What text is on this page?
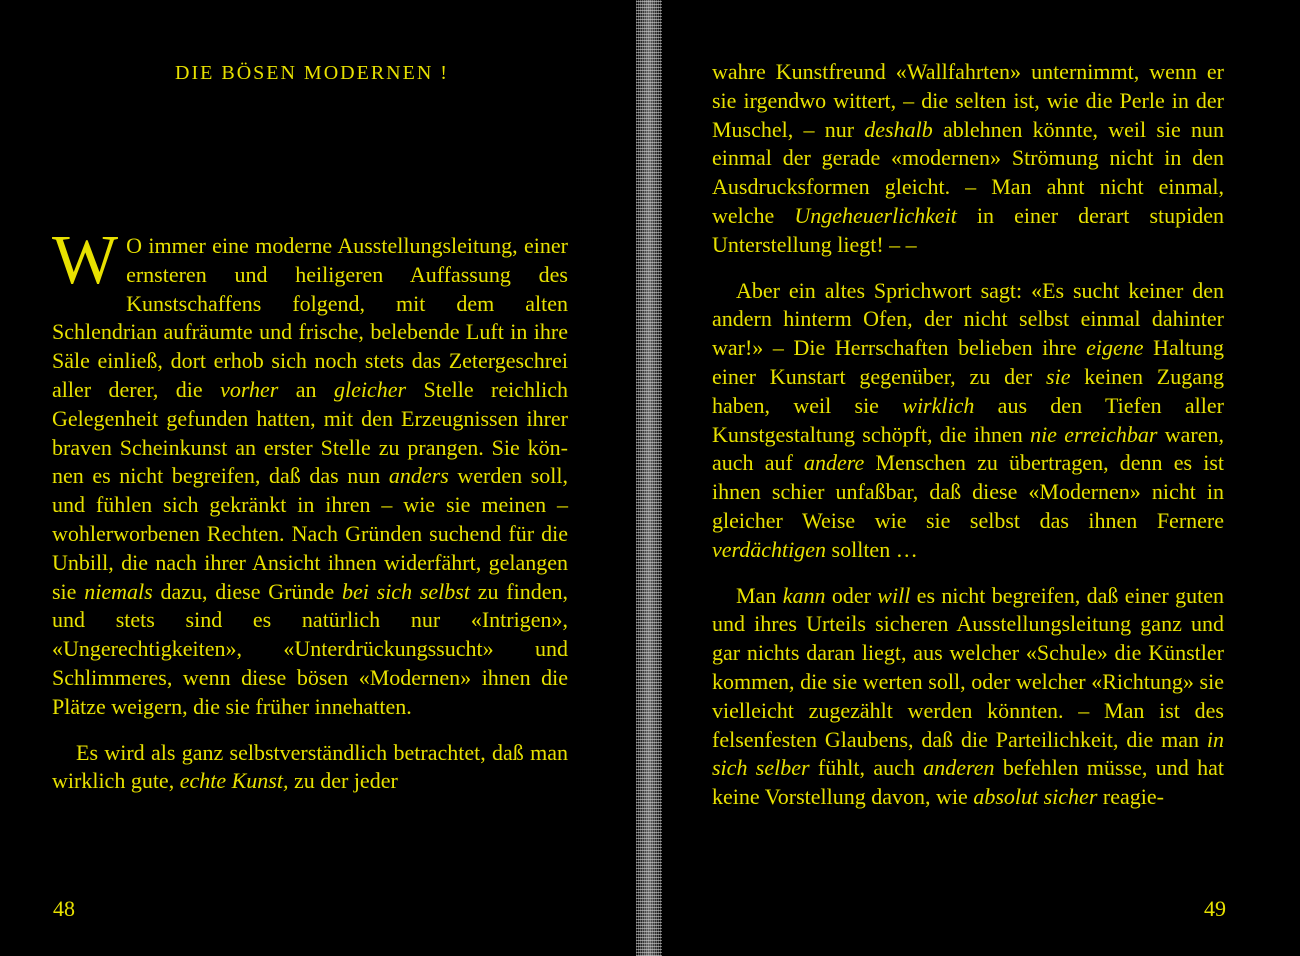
DIE BÖSEN MODERNEN !

W O immer eine moderne Ausstellungsleitung, einer ernsteren und heiligeren Auffassung des Kunstschaffens folgend, mit dem alten Schlendrian aufräumte und frische, belebende Luft in ihre Säle einließ, dort erhob sich noch stets das Zetergeschrei aller derer, die vorher an gleicher Stelle reichlich Gelegenheit gefunden hatten, mit den Erzeugnissen ihrer braven Scheinkunst an erster Stelle zu prangen. Sie können es nicht begreifen, daß das nun anders werden soll, und fühlen sich gekränkt in ihren – wie sie meinen – wohlerworbenen Rechten. Nach Gründen suchend für die Unbill, die nach ihrer Ansicht ihnen widerfährt, gelangen sie niemals dazu, diese Gründe bei sich selbst zu finden, und stets sind es natürlich nur «Intrigen», «Ungerechtigkeiten», «Unterdrückungssucht» und Schlimmeres, wenn diese bösen «Modernen» ihnen die Plätze weigern, die sie früher innehatten.

Es wird als ganz selbstverständlich betrachtet, daß man wirklich gute, echte Kunst, zu der jeder

48

wahre Kunstfreund «Wallfahrten» unternimmt, wenn er sie irgendwo wittert, – die selten ist, wie die Perle in der Muschel, – nur deshalb ablehnen könnte, weil sie nun einmal der gerade «modernen» Strömung nicht in den Ausdrucksformen gleicht. – Man ahnt nicht einmal, welche Ungeheuerlichkeit in einer derart stupiden Unterstellung liegt! – –

Aber ein altes Sprichwort sagt: «Es sucht keiner den andern hinterm Ofen, der nicht selbst einmal dahinter war!» – Die Herrschaften belieben ihre eigene Haltung einer Kunstart gegenüber, zu der sie keinen Zugang haben, weil sie wirklich aus den Tiefen aller Kunstgestaltung schöpft, die ihnen nie erreichbar waren, auch auf andere Menschen zu übertragen, denn es ist ihnen schier unfaßbar, daß diese «Modernen» nicht in gleicher Weise wie sie selbst das ihnen Fernere verdächtigen sollten …

Man kann oder will es nicht begreifen, daß einer guten und ihres Urteils sicheren Ausstellungsleitung ganz und gar nichts daran liegt, aus welcher «Schule» die Künstler kommen, die sie werten soll, oder welcher «Richtung» sie vielleicht zugezählt werden könnten. – Man ist des felsenfesten Glaubens, daß die Parteilichkeit, die man in sich selber fühlt, auch anderen befehlen müsse, und hat keine Vorstellung davon, wie absolut sicher reagie-

49
